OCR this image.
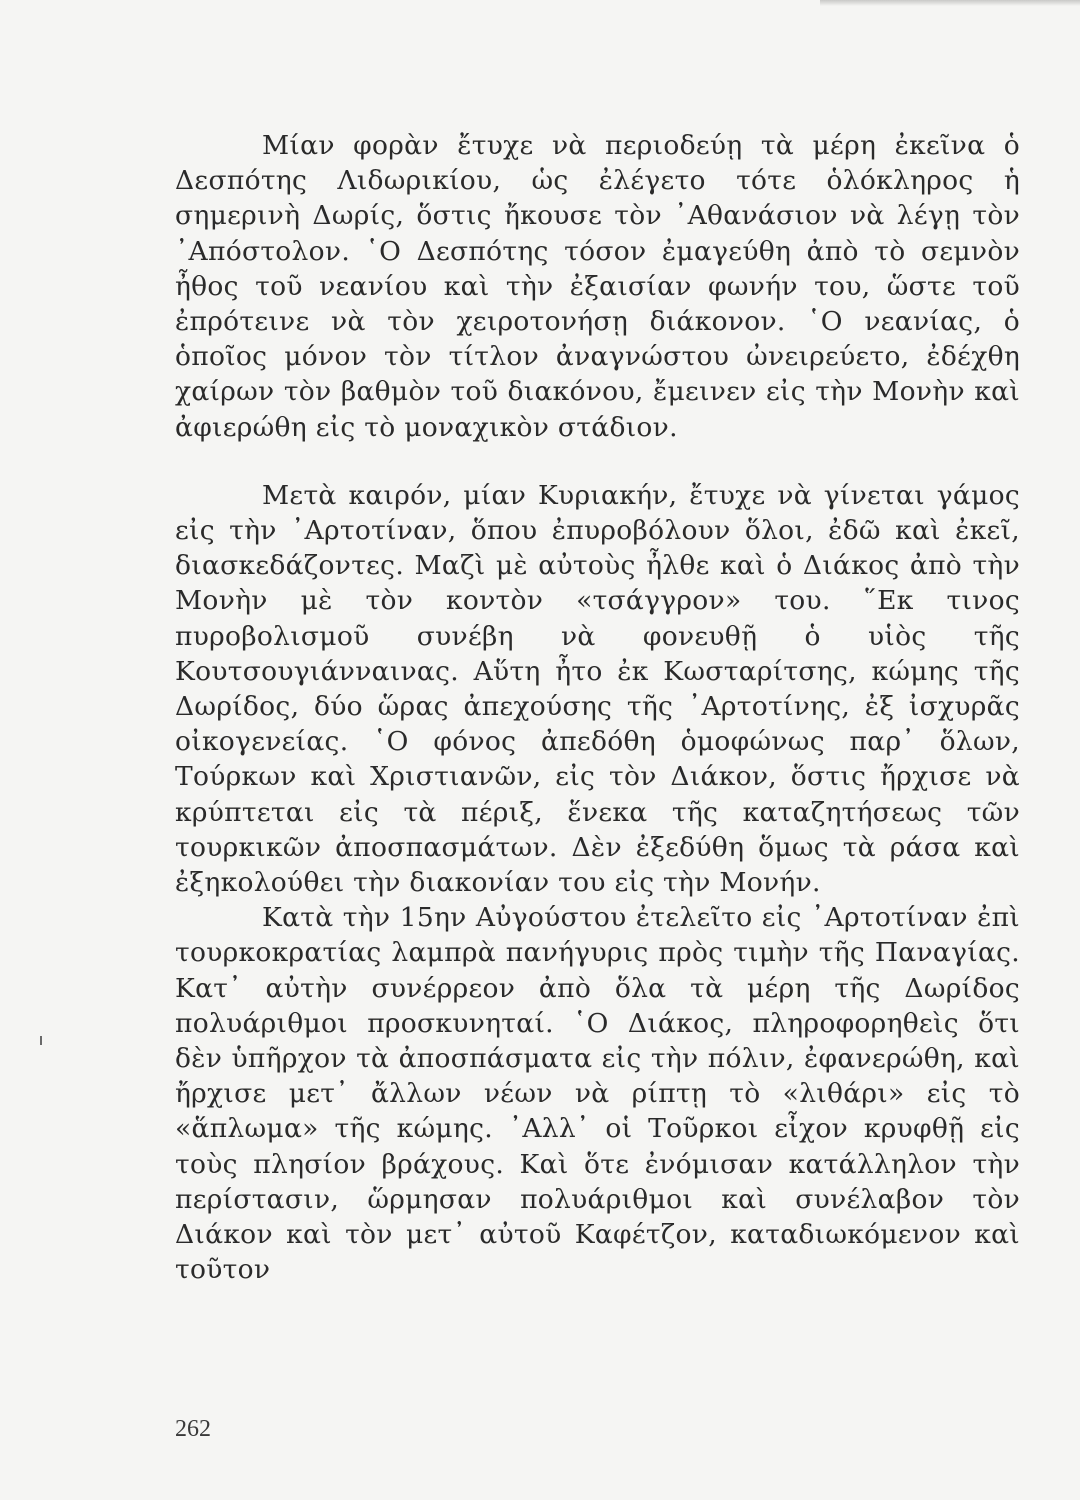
Μίαν φορὰν ἔτυχε νὰ περιοδεύῃ τὰ μέρη ἐκεῖνα ὁ Δεσπότης Λιδωρικίου, ὡς ἐλέγετο τότε ὁλόκληρος ἡ σημερινὴ Δωρίς, ὅστις ἤκουσε τὸν ᾿Αθανάσιον νὰ λέγῃ τὸν ᾿Απόστολον. ῾Ο Δεσπότης τόσον ἐμαγεύθη ἀπὸ τὸ σεμνὸν ἦθος τοῦ νεανίου καὶ τὴν ἐξαισίαν φωνήν του, ὥστε τοῦ ἐπρότεινε νὰ τὸν χειροτονήσῃ διάκονον. ῾Ο νεανίας, ὁ ὁποῖος μόνον τὸν τίτλον ἀναγνώστου ὠνειρεύετο, ἐδέχθη χαίρων τὸν βαθμὸν τοῦ διακόνου, ἔμεινεν εἰς τὴν Μονὴν καὶ ἀφιερώθη εἰς τὸ μοναχικὸν στάδιον.

Μετὰ καιρόν, μίαν Κυριακήν, ἔτυχε νὰ γίνεται γάμος εἰς τὴν ᾿Αρτοτίναν, ὅπου ἐπυροβόλουν ὅλοι, ἐδῶ καὶ ἐκεῖ, διασκεδάζοντες. Μαζὶ μὲ αὐτοὺς ἦλθε καὶ ὁ Διάκος ἀπὸ τὴν Μονὴν μὲ τὸν κοντὸν «τσάγγρον» του. ῞Εκ τινος πυροβολισμοῦ συνέβη νὰ φονευθῇ ὁ υἱὸς τῆς Κουτσουγιάνναινας. Αὕτη ἦτο ἐκ Κωσταρίτσης, κώμης τῆς Δωρίδος, δύο ὥρας ἀπεχούσης τῆς ᾿Αρτοτίνης, ἐξ ἰσχυρᾶς οἰκογενείας. ῾Ο φόνος ἀπεδόθη ὁμοφώνως παρ᾿ ὅλων, Τούρκων καὶ Χριστιανῶν, εἰς τὸν Διάκον, ὅστις ἤρχισε νὰ κρύπτεται εἰς τὰ πέριξ, ἕνεκα τῆς καταζητήσεως τῶν τουρκικῶν ἀποσπασμάτων. Δὲν ἐξεδύθη ὅμως τὰ ράσα καὶ ἐξηκολούθει τὴν διακονίαν του εἰς τὴν Μονήν.

Κατὰ τὴν 15ην Αὐγούστου ἐτελεῖτο εἰς ᾿Αρτοτίναν ἐπὶ τουρκοκρατίας λαμπρὰ πανήγυρις πρὸς τιμὴν τῆς Παναγίας. Κατ᾿ αὐτὴν συνέρρεον ἀπὸ ὅλα τὰ μέρη τῆς Δωρίδος πολυάριθμοι προσκυνηταί. ῾Ο Διάκος, πληροφορηθεὶς ὅτι δὲν ὑπῆρχον τὰ ἀποσπάσματα εἰς τὴν πόλιν, ἐφανερώθη, καὶ ἤρχισε μετ᾿ ἄλλων νέων νὰ ρίπτῃ τὸ «λιθάρι» εἰς τὸ «ἅπλωμα» τῆς κώμης. ᾿Αλλ᾿ οἱ Τοῦρκοι εἶχον κρυφθῇ εἰς τοὺς πλησίον βράχους. Καὶ ὅτε ἐνόμισαν κατάλληλον τὴν περίστασιν, ὥρμησαν πολυάριθμοι καὶ συνέλαβον τὸν Διάκον καὶ τὸν μετ᾿ αὐτοῦ Καφέτζον, καταδιωκόμενον καὶ τοῦτον

262
